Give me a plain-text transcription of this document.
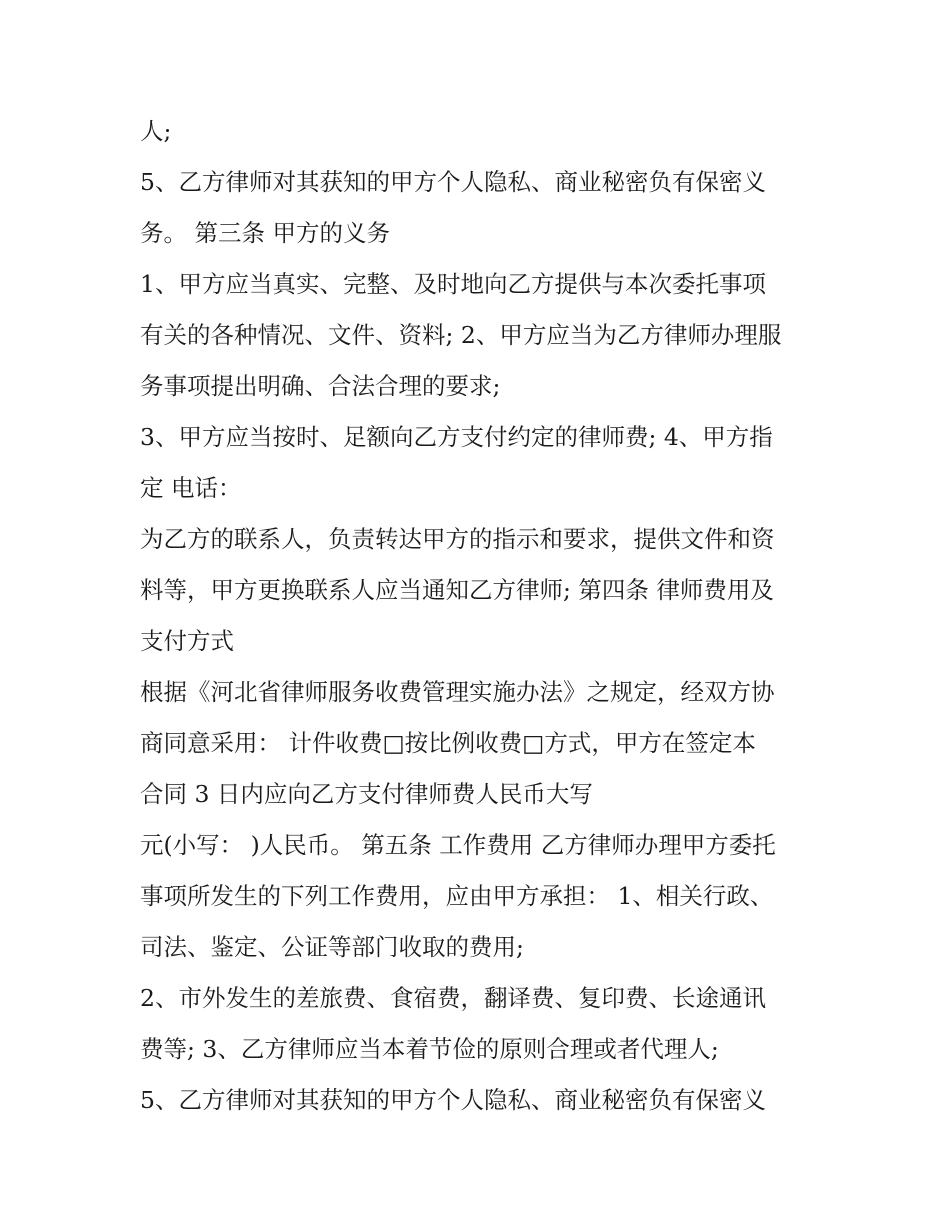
人;
5、乙方律师对其获知的甲方个人隐私、商业秘密负有保密义
务。 第三条 甲方的义务
1、甲方应当真实、完整、及时地向乙方提供与本次委托事项
有关的各种情况、文件、资料; 2、甲方应当为乙方律师办理服
务事项提出明确、合法合理的要求;
3、甲方应当按时、足额向乙方支付约定的律师费; 4、甲方指
定 电话：
为乙方的联系人，负责转达甲方的指示和要求，提供文件和资
料等，甲方更换联系人应当通知乙方律师; 第四条 律师费用及
支付方式
根据《河北省律师服务收费管理实施办法》之规定，经双方协
商同意采用： 计件收费□按比例收费□方式，甲方在签定本
合同 3 日内应向乙方支付律师费人民币大写
元(小写： )人民币。 第五条 工作费用 乙方律师办理甲方委托
事项所发生的下列工作费用，应由甲方承担： 1、相关行政、
司法、鉴定、公证等部门收取的费用;
2、市外发生的差旅费、食宿费，翻译费、复印费、长途通讯
费等; 3、乙方律师应当本着节俭的原则合理或者代理人;
5、乙方律师对其获知的甲方个人隐私、商业秘密负有保密义
